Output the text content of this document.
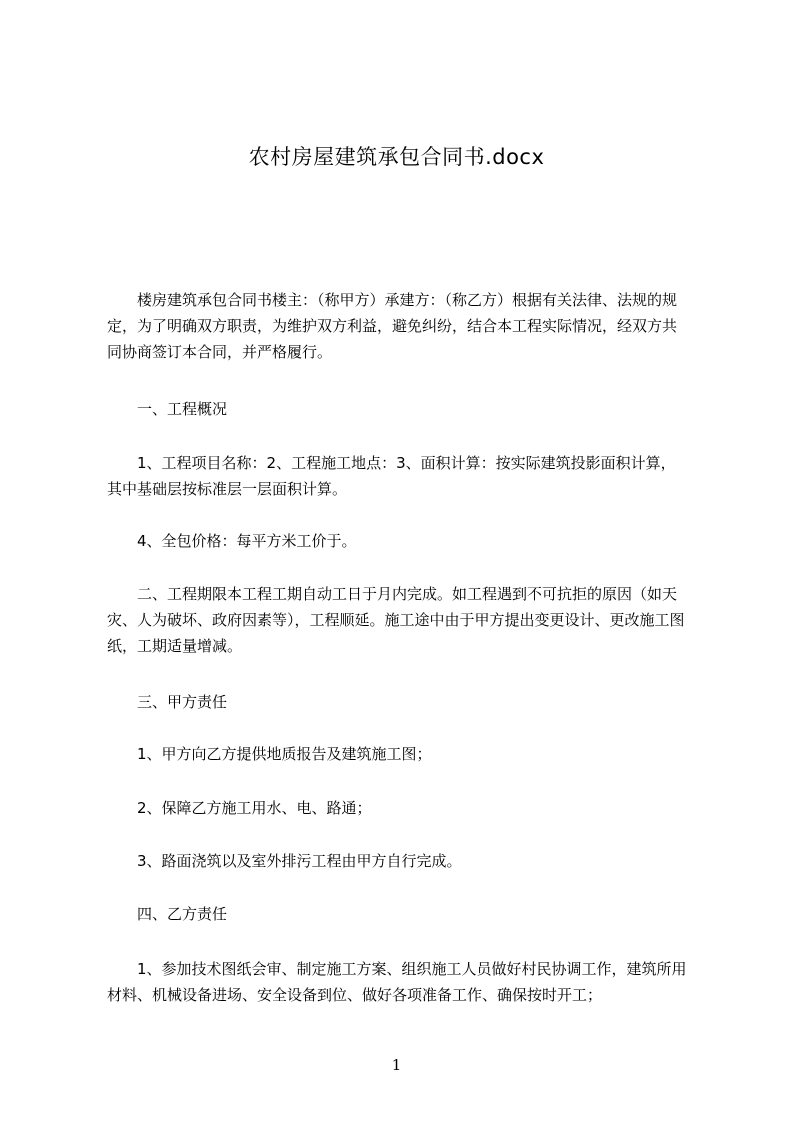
农村房屋建筑承包合同书.docx

楼房建筑承包合同书楼主：（称甲方）承建方：（称乙方）根据有关法律、法规的规定，为了明确双方职责，为维护双方利益，避免纠纷，结合本工程实际情况，经双方共同协商签订本合同，并严格履行。

一、工程概况

1、工程项目名称：2、工程施工地点：3、面积计算：按实际建筑投影面积计算，其中基础层按标准层一层面积计算。

4、全包价格：每平方米工价于。

二、工程期限本工程工期自动工日于月内完成。如工程遇到不可抗拒的原因（如天灾、人为破坏、政府因素等），工程顺延。施工途中由于甲方提出变更设计、更改施工图纸，工期适量增减。

三、甲方责任

1、甲方向乙方提供地质报告及建筑施工图；

2、保障乙方施工用水、电、路通；

3、路面浇筑以及室外排污工程由甲方自行完成。

四、乙方责任

1、参加技术图纸会审、制定施工方案、组织施工人员做好村民协调工作，建筑所用材料、机械设备进场、安全设备到位、做好各项准备工作、确保按时开工；

1
